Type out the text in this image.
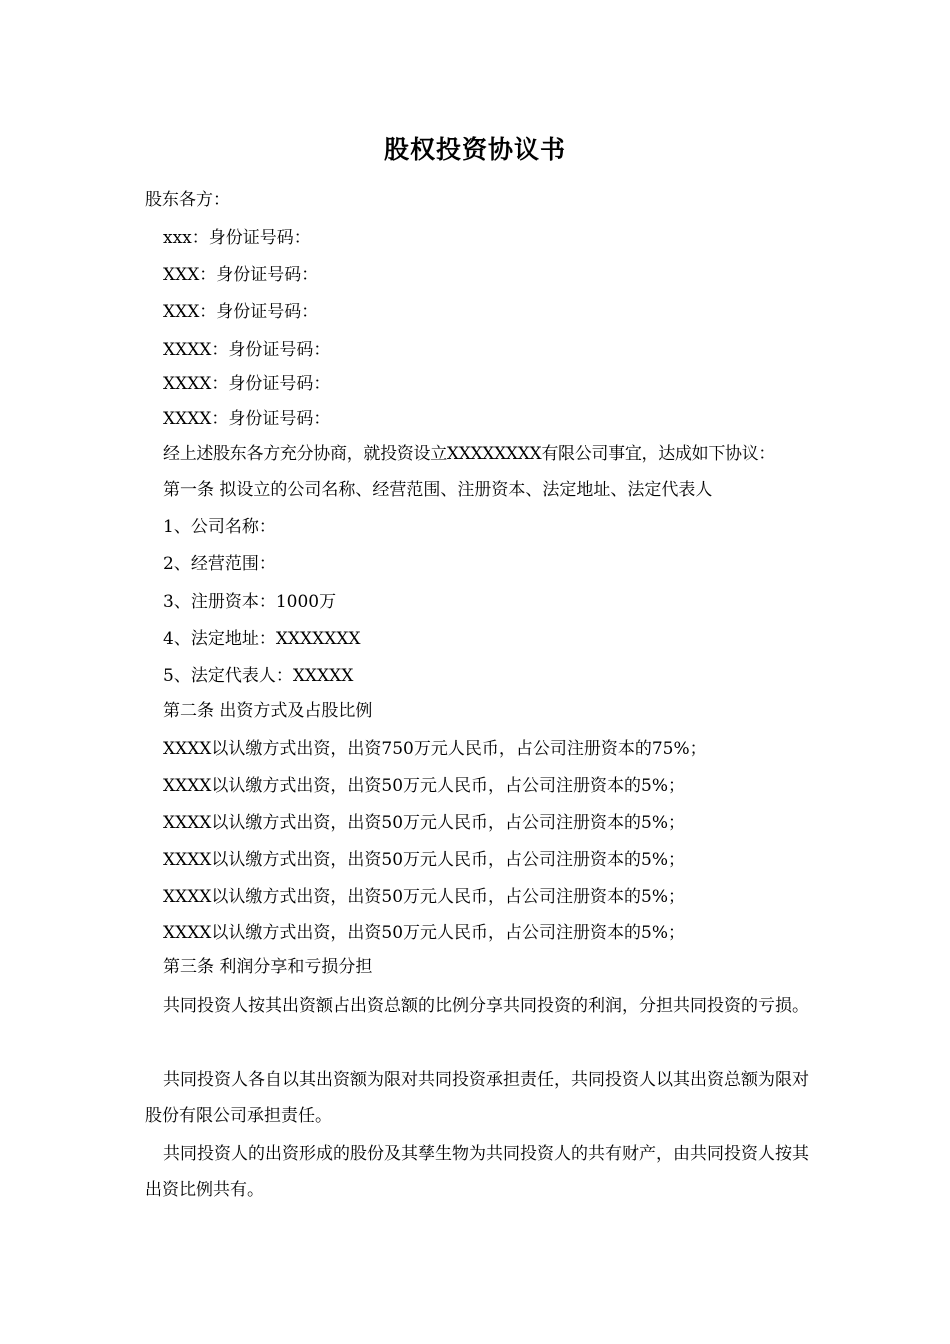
股权投资协议书
股东各方：
xxx：身份证号码：
XXX：身份证号码：
XXX：身份证号码：
XXXX：身份证号码：
XXXX：身份证号码：
XXXX：身份证号码：
经上述股东各方充分协商，就投资设立XXXXXXXX有限公司事宜，达成如下协议：
第一条 拟设立的公司名称、经营范围、注册资本、法定地址、法定代表人
1、公司名称：
2、经营范围：
3、注册资本：1000万
4、法定地址：XXXXXXX
5、法定代表人：XXXXX
第二条 出资方式及占股比例
XXXX以认缴方式出资，出资750万元人民币，占公司注册资本的75%；
XXXX以认缴方式出资，出资50万元人民币，占公司注册资本的5%；
XXXX以认缴方式出资，出资50万元人民币，占公司注册资本的5%；
XXXX以认缴方式出资，出资50万元人民币，占公司注册资本的5%；
XXXX以认缴方式出资，出资50万元人民币，占公司注册资本的5%；
XXXX以认缴方式出资，出资50万元人民币，占公司注册资本的5%；
第三条 利润分享和亏损分担
共同投资人按其出资额占出资总额的比例分享共同投资的利润，分担共同投资的亏损。
共同投资人各自以其出资额为限对共同投资承担责任，共同投资人以其出资总额为限对股份有限公司承担责任。
共同投资人的出资形成的股份及其孳生物为共同投资人的共有财产，由共同投资人按其出资比例共有。
